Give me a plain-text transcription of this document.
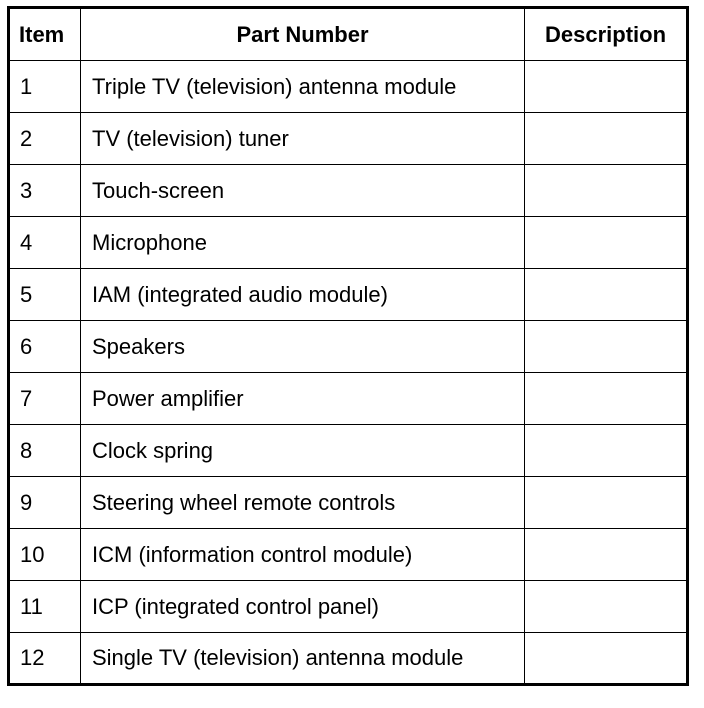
Item	Part Number	Description
1	Triple TV (television) antenna module	
2	TV (television) tuner	
3	Touch-screen	
4	Microphone	
5	IAM (integrated audio module)	
6	Speakers	
7	Power amplifier	
8	Clock spring	
9	Steering wheel remote controls	
10	ICM (information control module)	
11	ICP (integrated control panel)	
12	Single TV (television) antenna module	
